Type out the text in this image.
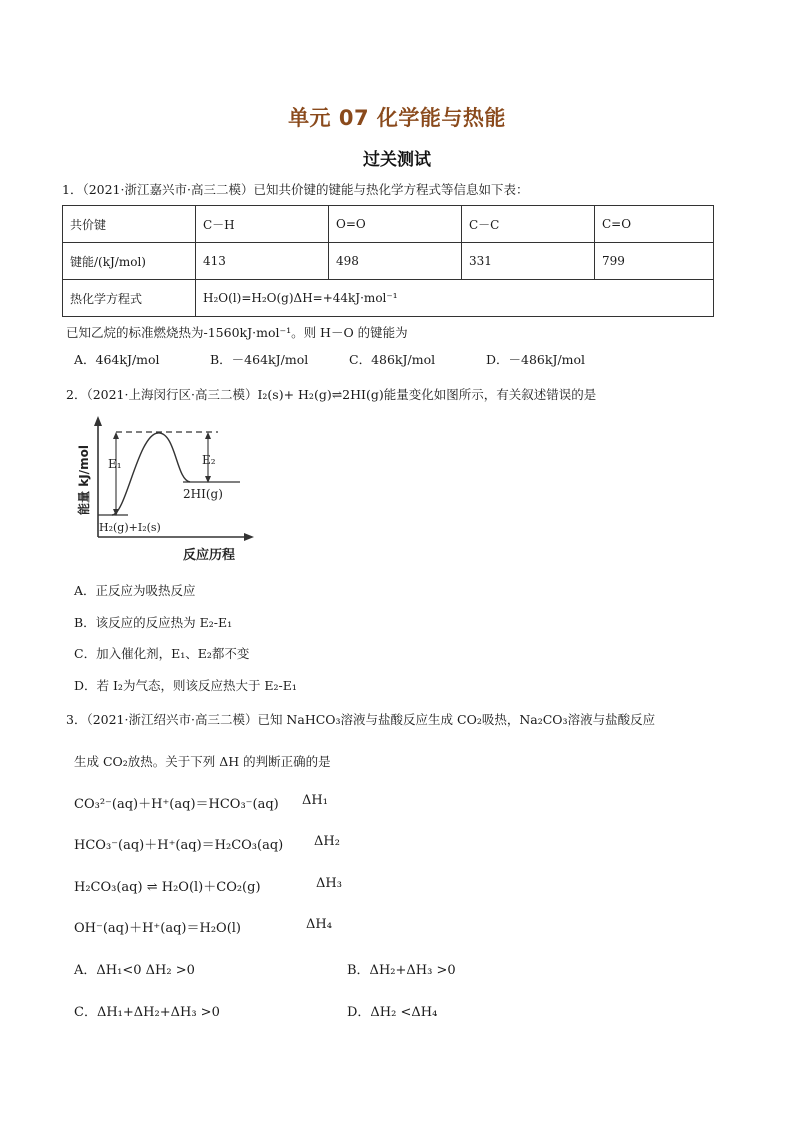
单元 07 化学能与热能
过关测试
1．（2021·浙江嘉兴市·高三二模）已知共价键的键能与热化学方程式等信息如下表：
共价键	C－H	O=O	C－C	C=O
键能/(kJ/mol)	413	498	331	799
热化学方程式	H₂O(l)=H₂O(g)ΔH=+44kJ·mol⁻¹			
已知乙烷的标准燃烧热为-1560kJ·mol⁻¹。则 H－O 的键能为
A．464kJ/mol	B．－464kJ/mol	C．486kJ/mol	D．－486kJ/mol
2．（2021·上海闵行区·高三二模）I₂(s)+ H₂(g)⇌2HI(g)能量变化如图所示，有关叙述错误的是
能量 kJ/mol E₁	E₂
2HI(g)
H₂(g)+I₂(s)
反应历程
A．正反应为吸热反应
B．该反应的反应热为 E₂-E₁
C．加入催化剂，E₁、E₂都不变
D．若 I₂为气态，则该反应热大于 E₂-E₁
3．（2021·浙江绍兴市·高三二模）已知 NaHCO₃溶液与盐酸反应生成 CO₂吸热，Na₂CO₃溶液与盐酸反应
生成 CO₂放热。关于下列 ΔH 的判断正确的是
CO₃²⁻(aq)＋H⁺(aq)＝HCO₃⁻(aq) ΔH₁
HCO₃⁻(aq)＋H⁺(aq)＝H₂CO₃(aq) ΔH₂
H₂CO₃(aq) ⇌ H₂O(l)＋CO₂(g)	ΔH₃
OH⁻(aq)＋H⁺(aq)＝H₂O(l)	ΔH₄
A．ΔH₁<0 ΔH₂ >0	B．ΔH₂+ΔH₃ >0
C．ΔH₁+ΔH₂+ΔH₃ >0	D．ΔH₂ <ΔH₄
